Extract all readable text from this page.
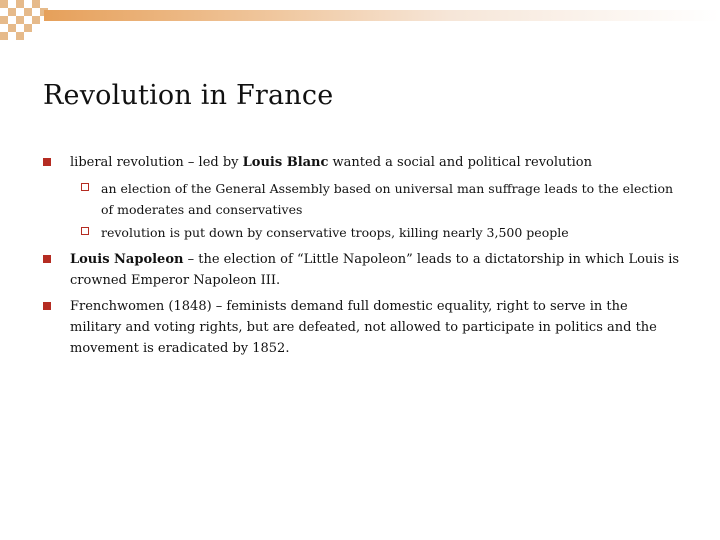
Revolution in France
liberal revolution – led by Louis Blanc wanted a social and political revolution
an election of the General Assembly based on universal man suffrage leads to the election of moderates and conservatives
revolution is put down by conservative troops, killing nearly 3,500 people
Louis Napoleon – the election of “Little Napoleon” leads to a dictatorship in which Louis is crowned Emperor Napoleon III.
Frenchwomen (1848) – feminists demand full domestic equality, right to serve in the military and voting rights, but are defeated, not allowed to participate in politics and the movement is eradicated by 1852.
